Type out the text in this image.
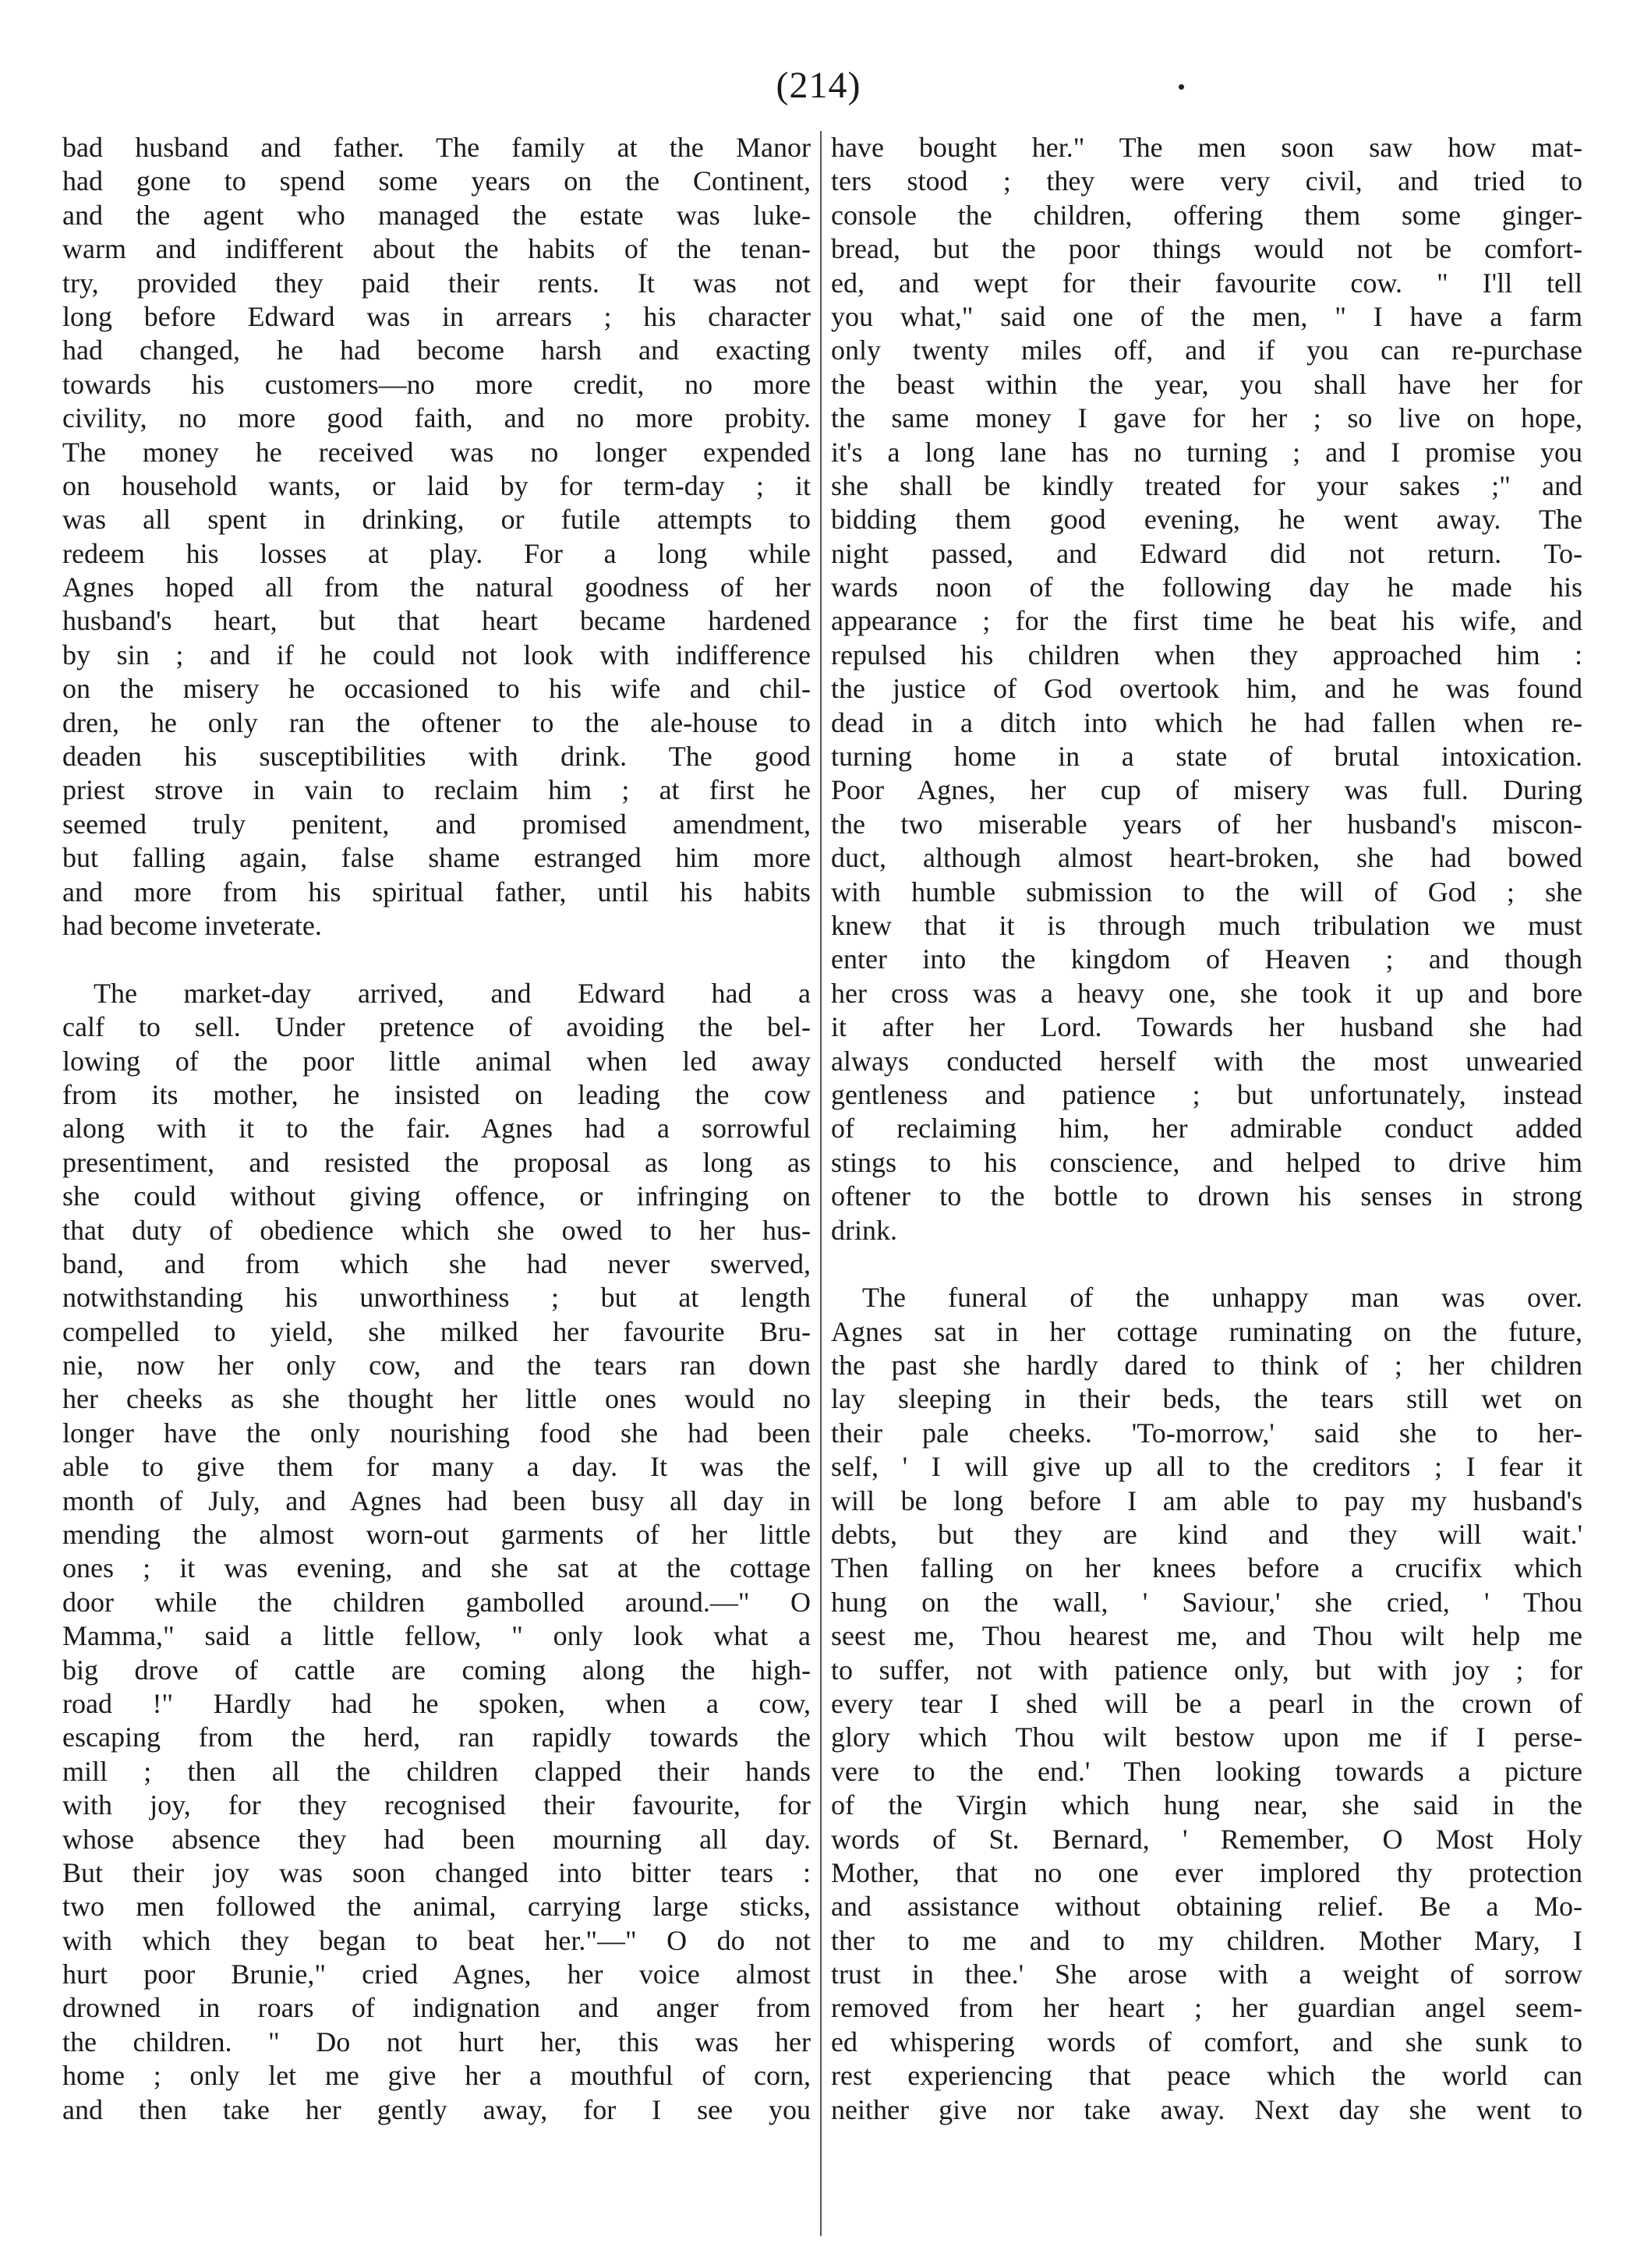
(214)
bad husband and father. The family at the Manor
had gone to spend some years on the Continent,
and the agent who managed the estate was luke-
warm and indifferent about the habits of the tenan-
try, provided they paid their rents. It was not
long before Edward was in arrears ; his character
had changed, he had become harsh and exacting
towards his customers—no more credit, no more
civility, no more good faith, and no more probity.
The money he received was no longer expended
on household wants, or laid by for term-day ; it
was all spent in drinking, or futile attempts to
redeem his losses at play. For a long while
Agnes hoped all from the natural goodness of her
husband's heart, but that heart became hardened
by sin ; and if he could not look with indifference
on the misery he occasioned to his wife and chil-
dren, he only ran the oftener to the ale-house to
deaden his susceptibilities with drink. The good
priest strove in vain to reclaim him ; at first he
seemed truly penitent, and promised amendment,
but falling again, false shame estranged him more
and more from his spiritual father, until his habits
had become inveterate.
The market-day arrived, and Edward had a
calf to sell. Under pretence of avoiding the bel-
lowing of the poor little animal when led away
from its mother, he insisted on leading the cow
along with it to the fair. Agnes had a sorrowful
presentiment, and resisted the proposal as long as
she could without giving offence, or infringing on
that duty of obedience which she owed to her hus-
band, and from which she had never swerved,
notwithstanding his unworthiness ; but at length
compelled to yield, she milked her favourite Bru-
nie, now her only cow, and the tears ran down
her cheeks as she thought her little ones would no
longer have the only nourishing food she had been
able to give them for many a day. It was the
month of July, and Agnes had been busy all day in
mending the almost worn-out garments of her little
ones ; it was evening, and she sat at the cottage
door while the children gambolled around.—" O
Mamma," said a little fellow, " only look what a
big drove of cattle are coming along the high-
road !" Hardly had he spoken, when a cow,
escaping from the herd, ran rapidly towards the
mill ; then all the children clapped their hands
with joy, for they recognised their favourite, for
whose absence they had been mourning all day.
But their joy was soon changed into bitter tears :
two men followed the animal, carrying large sticks,
with which they began to beat her."—" O do not
hurt poor Brunie," cried Agnes, her voice almost
drowned in roars of indignation and anger from
the children. " Do not hurt her, this was her
home ; only let me give her a mouthful of corn,
and then take her gently away, for I see you
have bought her." The men soon saw how mat-
ters stood ; they were very civil, and tried to
console the children, offering them some ginger-
bread, but the poor things would not be comfort-
ed, and wept for their favourite cow. " I'll tell
you what," said one of the men, " I have a farm
only twenty miles off, and if you can re-purchase
the beast within the year, you shall have her for
the same money I gave for her ; so live on hope,
it's a long lane has no turning ; and I promise you
she shall be kindly treated for your sakes ;" and
bidding them good evening, he went away. The
night passed, and Edward did not return. To-
wards noon of the following day he made his
appearance ; for the first time he beat his wife, and
repulsed his children when they approached him :
the justice of God overtook him, and he was found
dead in a ditch into which he had fallen when re-
turning home in a state of brutal intoxication.
Poor Agnes, her cup of misery was full. During
the two miserable years of her husband's miscon-
duct, although almost heart-broken, she had bowed
with humble submission to the will of God ; she
knew that it is through much tribulation we must
enter into the kingdom of Heaven ; and though
her cross was a heavy one, she took it up and bore
it after her Lord. Towards her husband she had
always conducted herself with the most unwearied
gentleness and patience ; but unfortunately, instead
of reclaiming him, her admirable conduct added
stings to his conscience, and helped to drive him
oftener to the bottle to drown his senses in strong
drink.
The funeral of the unhappy man was over.
Agnes sat in her cottage ruminating on the future,
the past she hardly dared to think of ; her children
lay sleeping in their beds, the tears still wet on
their pale cheeks. 'To-morrow,' said she to her-
self, ' I will give up all to the creditors ; I fear it
will be long before I am able to pay my husband's
debts, but they are kind and they will wait.'
Then falling on her knees before a crucifix which
hung on the wall, ' Saviour,' she cried, ' Thou
seest me, Thou hearest me, and Thou wilt help me
to suffer, not with patience only, but with joy ; for
every tear I shed will be a pearl in the crown of
glory which Thou wilt bestow upon me if I perse-
vere to the end.' Then looking towards a picture
of the Virgin which hung near, she said in the
words of St. Bernard, ' Remember, O Most Holy
Mother, that no one ever implored thy protection
and assistance without obtaining relief. Be a Mo-
ther to me and to my children. Mother Mary, I
trust in thee.' She arose with a weight of sorrow
removed from her heart ; her guardian angel seem-
ed whispering words of comfort, and she sunk to
rest experiencing that peace which the world can
neither give nor take away. Next day she went to
